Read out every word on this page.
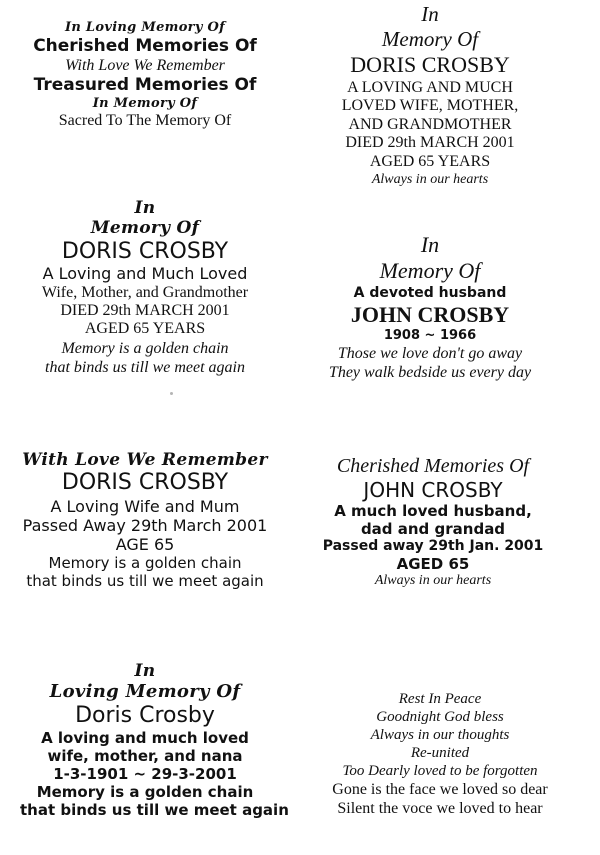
In Loving Memory Of
Cherished Memories Of
With Love We Remember
Treasured Memories Of
In Memory Of
Sacred To The Memory Of
In
Memory Of
DORIS CROSBY
A LOVING AND MUCH
LOVED WIFE, MOTHER,
AND GRANDMOTHER
DIED 29th MARCH 2001
AGED 65 YEARS
Always in our hearts
In
Memory Of
DORIS CROSBY
A Loving and Much Loved
Wife, Mother, and Grandmother
DIED 29th MARCH 2001
AGED 65 YEARS
Memory is a golden chain
that binds us till we meet again
In
Memory Of
A devoted husband
JOHN CROSBY
1908 ~ 1966
Those we love don't go away
They walk bedside us every day
With Love We Remember
DORIS CROSBY
A Loving Wife and Mum
Passed Away 29th March 2001
AGE 65
Memory is a golden chain
that binds us till we meet again
Cherished Memories Of
JOHN CROSBY
A much loved husband,
dad and grandad
Passed away 29th Jan. 2001
AGED 65
Always in our hearts
In
Loving Memory Of
Doris Crosby
A loving and much loved
wife, mother, and nana
1-3-1901 ~ 29-3-2001
Memory is a golden chain
that binds us till we meet again
Rest In Peace
Goodnight God bless
Always in our thoughts
Re-united
Too Dearly loved to be forgotten
Gone is the face we loved so dear
Silent the voce we loved to hear
